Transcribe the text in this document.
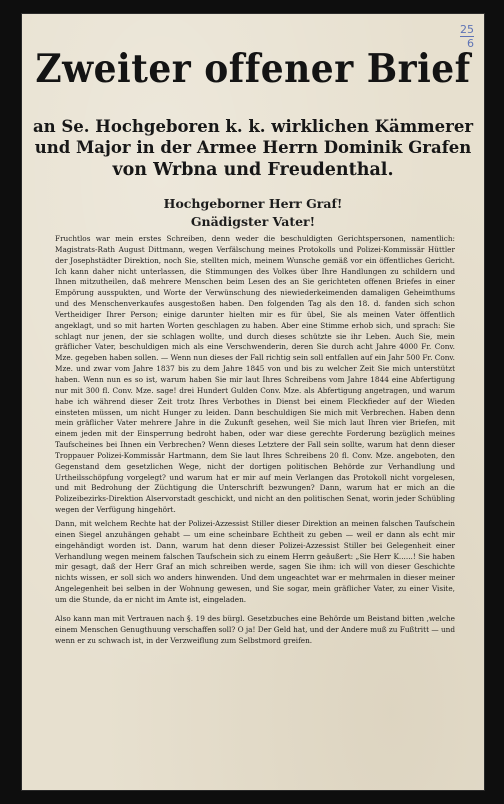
25
6
Zweiter offener Brief
an Se. Hochgeboren k. k. wirklichen Kämmerer
und Major in der Armee Herrn Dominik Grafen
von Wrbna und Freudenthal.
Hochgeborner Herr Graf!
Gnädigster Vater!
Fruchtlos war mein erstes Schreiben, denn weder die beschuldigten Gerichtspersonen, namentlich: Magistrats-Rath August Dittmann, wegen Verfälschung meines Protokolls und Polizei-Kommissär Hüttler der Josephstädter Direktion, noch Sie, stellten mich, meinem Wunsche gemäß vor ein öffentliches Gericht. Ich kann daher nicht unterlassen, die Stimmungen des Volkes über Ihre Handlungen zu schildern und Ihnen mitzutheilen, daß mehrere Menschen beim Lesen des an Sie gerichteten offenen Briefes in einer Empörung ausspukten, und Worte der Verwünschung des niewiederkeimenden damaligen Geheimthums und des Menschenverkaufes ausgestoßen haben. Den folgenden Tag als den 18. d. fanden sich schon Vertheidiger Ihrer Person; einige darunter hielten mir es für übel, Sie als meinen Vater öffentlich angeklagt, und so mit harten Worten geschlagen zu haben. Aber eine Stimme erhob sich, und sprach: Sie schlagt nur jenen, der sie schlagen wollte, und durch dieses schützte sie ihr Leben. Auch Sie, mein gräflicher Vater, beschuldigen mich als eine Verschwenderin, deren Sie durch acht Jahre 4000 Fr. Conv. Mze. gegeben haben sollen. — Wenn nun dieses der Fall richtig sein soll entfallen auf ein Jahr 500 Fr. Conv. Mze. und zwar vom Jahre 1837 bis zu dem Jahre 1845 von und bis zu welcher Zeit Sie mich unterstützt haben. Wenn nun es so ist, warum haben Sie mir laut Ihres Schreibens vom Jahre 1844 eine Abfertigung nur mit 300 fl. Conv. Mze. sage! drei Hundert Gulden Conv. Mze. als Abfertigung angetragen, und warum habe ich während dieser Zeit trotz Ihres Verbothes in Dienst bei einem Fleckfieder auf der Wieden einsteten müssen, um nicht Hunger zu leiden. Dann beschuldigen Sie mich mit Verbrechen. Haben denn mein gräflicher Vater mehrere Jahre in die Zukunft gesehen, weil Sie mich laut Ihren vier Briefen, mit einem jeden mit der Einsperrung bedroht haben, oder war diese gerechte Forderung bezüglich meines Taufscheines bei Ihnen ein Verbrechen? Wenn dieses Letztere der Fall sein sollte, warum hat denn dieser Troppauer Polizei-Kommissär Hartmann, dem Sie laut Ihres Schreibens 20 fl. Conv. Mze. angeboten, den Gegenstand dem gesetzlichen Wege, nicht der dortigen politischen Behörde zur Verhandlung und Urtheilsschöpfung vorgelegt? und warum hat er mir auf mein Verlangen das Protokoll nicht vorgelesen, und mit Bedrohung der Züchtigung die Unterschrift bezwungen? Dann, warum hat er mich an die Polizeibezirks-Direktion Alservorstadt geschickt, und nicht an den politischen Senat, worin jeder Schübling wegen der Verfügung hingehört.
Dann, mit welchem Rechte hat der Polizei-Azzessist Stiller dieser Direktion an meinen falschen Taufschein einen Siegel anzuhängen gehabt — um eine scheinbare Echtheit zu geben — weil er dann als echt mir eingehändigt worden ist. Dann, warum hat denn dieser Polizei-Azzessist Stiller bei Gelegenheit einer Verhandlung wegen meinem falschen Taufschein sich zu einem Herrn geäußert: „Sie Herr K......! Sie haben mir gesagt, daß der Herr Graf an mich schreiben werde, sagen Sie ihm: ich will von dieser Geschichte nichts wissen, er soll sich wo anders hinwenden. Und dem ungeachtet war er mehrmalen in dieser meiner Angelegenheit bei selben in der Wohnung gewesen, und Sie sogar, mein gräflicher Vater, zu einer Visite, um die Stunde, da er nicht im Amte ist, eingeladen.
Also kann man mit Vertrauen nach §. 19 des bürgl. Gesetzbuches eine Behörde um Beistand bitten ,welche einem Menschen Genugthuung verschaffen soll? O ja! Der Geld hat, und der Andere muß zu Fußtritt — und wenn er zu schwach ist, in der Verzweiflung zum Selbstmord greifen.
